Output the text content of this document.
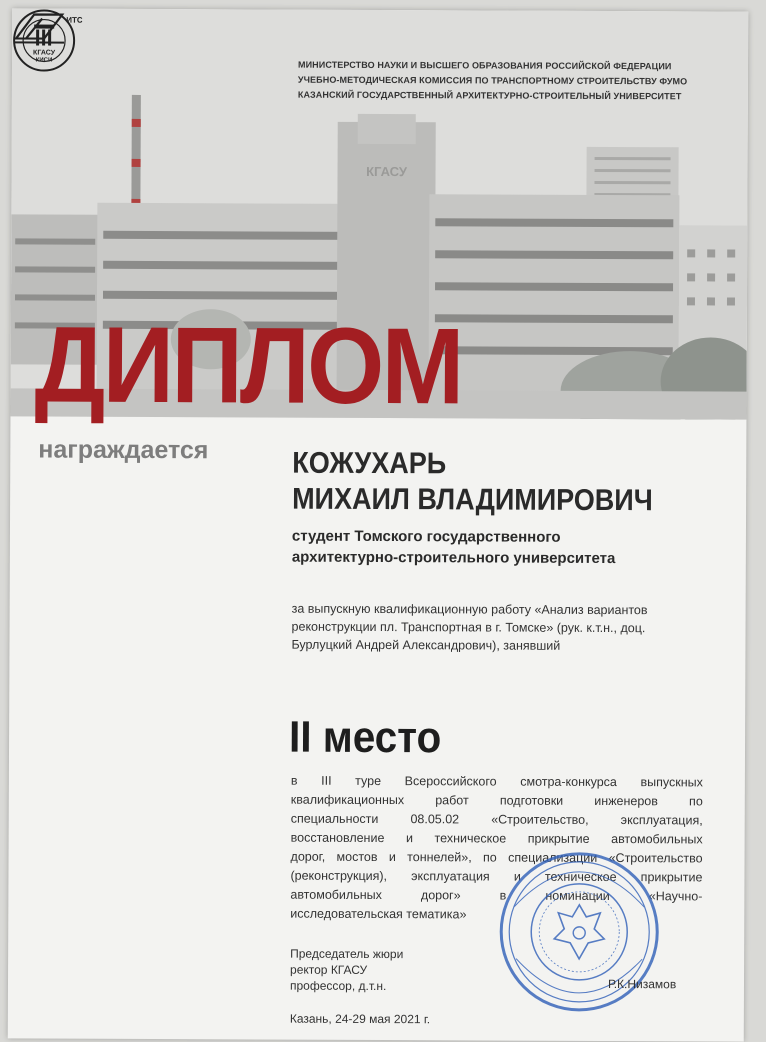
КГАСУ
КГАСУ
КИСИ
ИТС
МИНИСТЕРСТВО НАУКИ И ВЫСШЕГО ОБРАЗОВАНИЯ РОССИЙСКОЙ ФЕДЕРАЦИИ
УЧЕБНО-МЕТОДИЧЕСКАЯ КОМИССИЯ ПО ТРАНСПОРТНОМУ СТРОИТЕЛЬСТВУ ФУМО
КАЗАНСКИЙ ГОСУДАРСТВЕННЫЙ АРХИТЕКТУРНО-СТРОИТЕЛЬНЫЙ УНИВЕРСИТЕТ
ДИПЛОМ
награждается	КОЖУХАРЬ
МИХАИЛ ВЛАДИМИРОВИЧ
студент Томского государственного
архитектурно-строительного университета
за выпускную квалификационную работу «Анализ вариантов
реконструкции пл. Транспортная в г. Томске» (рук. к.т.н., доц.
Бурлуцкий Андрей Александрович), занявший
II место
в III туре Всероссийского смотра-конкурса выпускных
квалификационных работ подготовки инженеров по
специальности 08.05.02 «Строительство, эксплуатация,
восстановление и техническое прикрытие автомобильных
дорог, мостов и тоннелей», по специализации «Строительство
(реконструкция), эксплуатация и техническое прикрытие
автомобильных дорог» в номинации «Научно-
исследовательская тематика»
Председатель жюри
ректор КГАСУ
профессор, д.т.н.	Р.К.Низамов
Казань, 24-29 мая 2021 г.
